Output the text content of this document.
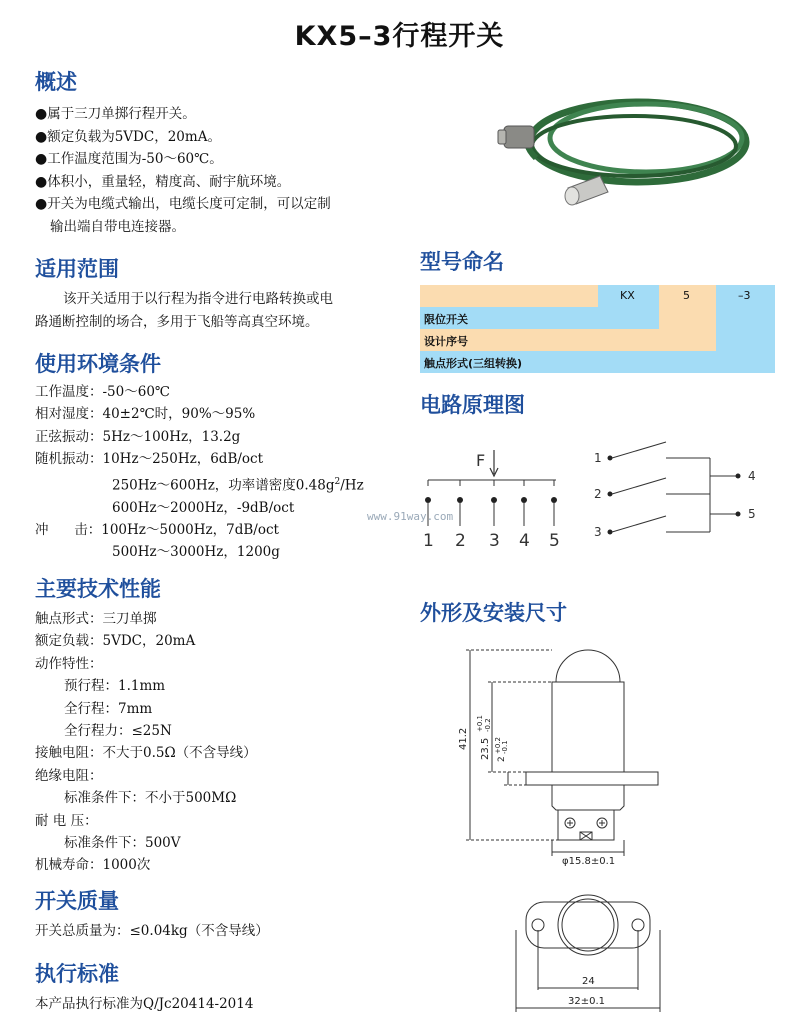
KX5–3行程开关
概述
●属于三刀单掷行程开关。
●额定负载为5VDC，20mA。
●工作温度范围为-50～60℃。
●体积小，重量轻，精度高、耐宇航环境。
●开关为电缆式输出，电缆长度可定制，可以定制
输出端自带电连接器。
适用范围
该开关适用于以行程为指令进行电路转换或电
路通断控制的场合，多用于飞船等高真空环境。
使用环境条件
工作温度：-50～60℃
相对湿度：40±2℃时，90%～95%
正弦振动：5Hz～100Hz，13.2g
随机振动：10Hz～250Hz，6dB/oct
250Hz～600Hz，功率谱密度$0.48g^2/Hz$
600Hz～2000Hz，-9dB/oct
冲      击：100Hz～5000Hz，7dB/oct
500Hz～3000Hz，1200g
主要技术性能
触点形式：三刀单掷
额定负载：5VDC，20mA
动作特性：
预行程：1.1mm
全行程：7mm
全行程力：≤25N
接触电阻：不大于0.5Ω（不含导线）
绝缘电阻：
标准条件下：不小于500MΩ
耐 电 压：
标准条件下：500V
机械寿命：1000次
开关质量
开关总质量为：≤0.04kg（不含导线）
执行标准
本产品执行标准为Q/Jc20414-2014
型号命名
KX	5	–3
限位开关
设计序号
触点形式(三组转换)
电路原理图
F
1 2 3 4 5
1
2
3
4
5
www.91way.com
外形及安装尺寸
41.2 23.5
+0.1 -0.2
2
+0.2 -0.1
φ15.8±0.1
24
32±0.1
